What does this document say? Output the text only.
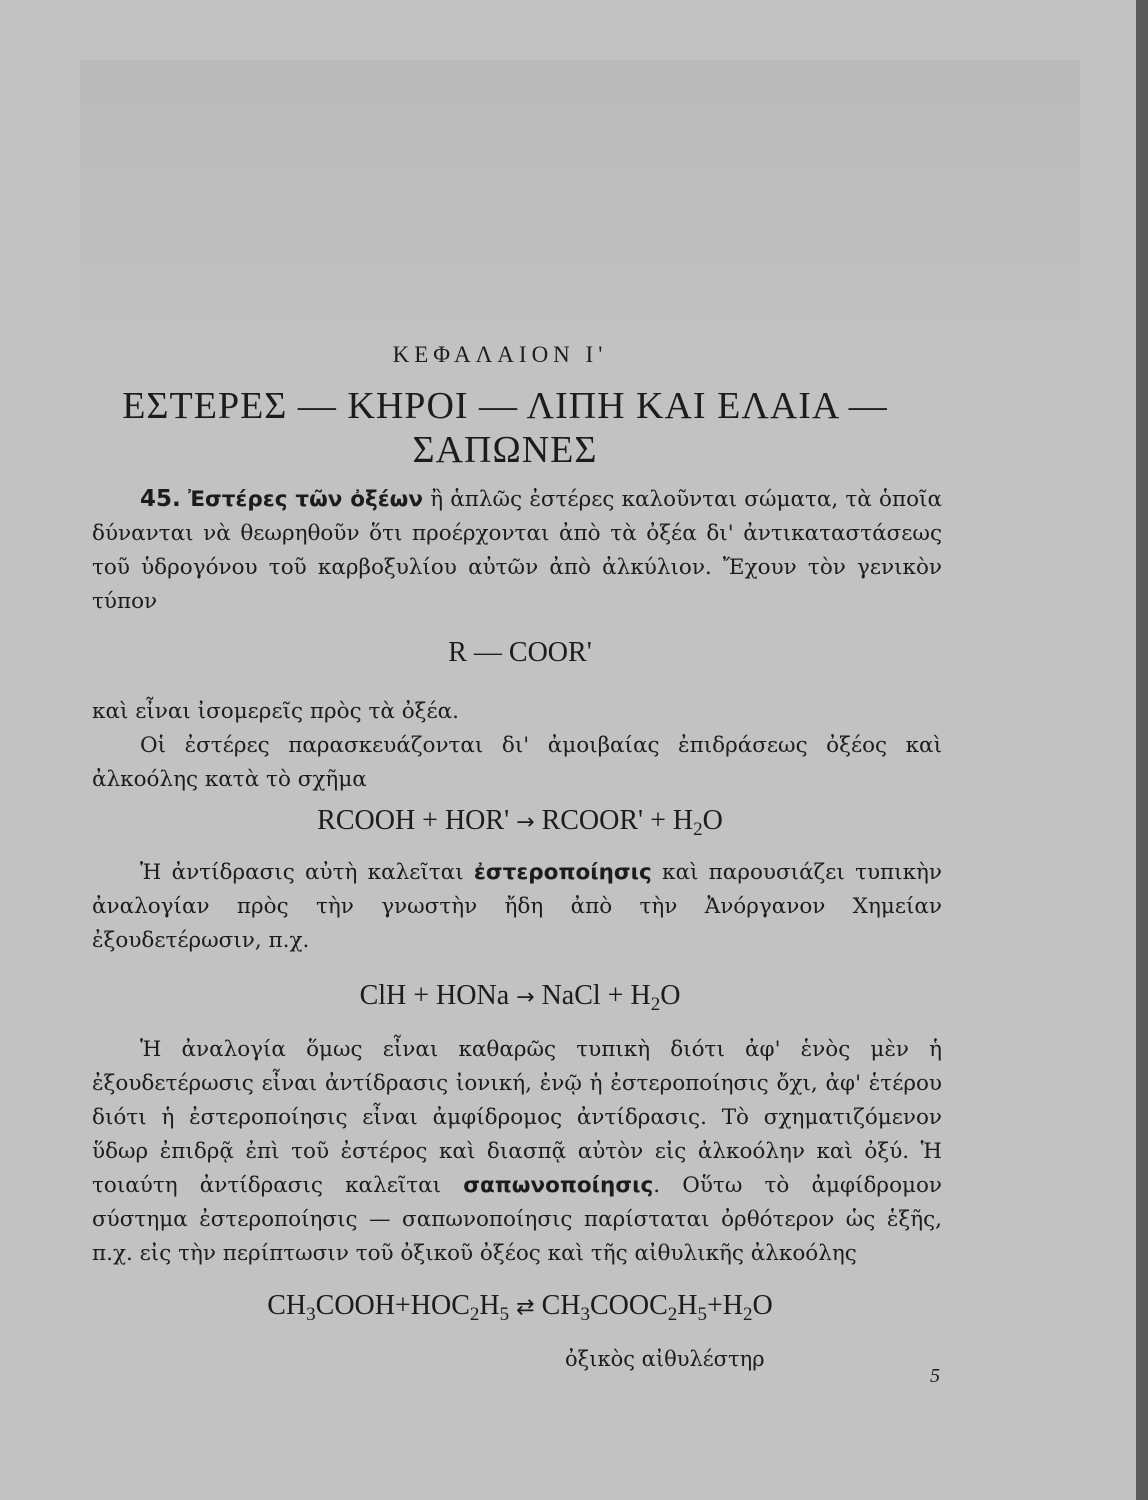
ΚΕΦΑΛΑΙΟΝ Ι'
ΕΣΤΕΡΕΣ — ΚΗΡΟΙ — ΛΙΠΗ ΚΑΙ ΕΛΑΙΑ — ΣΑΠΩΝΕΣ

45. Ἐστέρες τῶν ὀξέων ἢ ἁπλῶς ἐστέρες καλοῦνται σώματα, τὰ ὁποῖα δύνανται νὰ θεωρηθοῦν ὅτι προέρχονται ἀπὸ τὰ ὀξέα δι' ἀντικαταστάσεως τοῦ ὑδρογόνου τοῦ καρβοξυλίου αὐτῶν ἀπὸ ἀλκύλιον. Ἔχουν τὸν γενικὸν τύπον

R — COOR'

καὶ εἶναι ἰσομερεῖς πρὸς τὰ ὀξέα.

Οἱ ἐστέρες παρασκευάζονται δι' ἀμοιβαίας ἐπιδράσεως ὀξέος καὶ ἀλκοόλης κατὰ τὸ σχῆμα

RCOOH + HOR' → RCOOR' + $H_2O$

Ἡ ἀντίδρασις αὐτὴ καλεῖται ἐστεροποίησις καὶ παρουσιάζει τυπικὴν ἀναλογίαν πρὸς τὴν γνωστὴν ἤδη ἀπὸ τὴν Ἀνόργανον Χημείαν ἐξουδετέρωσιν, π.χ.

ClH + HONa → NaCl + $H_2O$

Ἡ ἀναλογία ὅμως εἶναι καθαρῶς τυπικὴ διότι ἀφ' ἑνὸς μὲν ἡ ἐξουδετέρωσις εἶναι ἀντίδρασις ἰονική, ἐνῷ ἡ ἐστεροποίησις ὄχι, ἀφ' ἑτέρου διότι ἡ ἐστεροποίησις εἶναι ἀμφίδρομος ἀντίδρασις. Τὸ σχηματιζόμενον ὕδωρ ἐπιδρᾷ ἐπὶ τοῦ ἐστέρος καὶ διασπᾷ αὐτὸν εἰς ἀλκοόλην καὶ ὀξύ. Ἡ τοιαύτη ἀντίδρασις καλεῖται σαπωνοποίησις. Οὕτω τὸ ἀμφίδρομον σύστημα ἐστεροποίησις — σαπωνοποίησις παρίσταται ὀρθότερον ὡς ἑξῆς, π.χ. εἰς τὴν περίπτωσιν τοῦ ὀξικοῦ ὀξέος καὶ τῆς αἰθυλικῆς ἀλκοόλης

$CH_3COOH+HOC_2H_5$ ⇄ $CH_3COOC_2H_5+H_2O$
ὀξικὸς αἰθυλέστηρ
5
